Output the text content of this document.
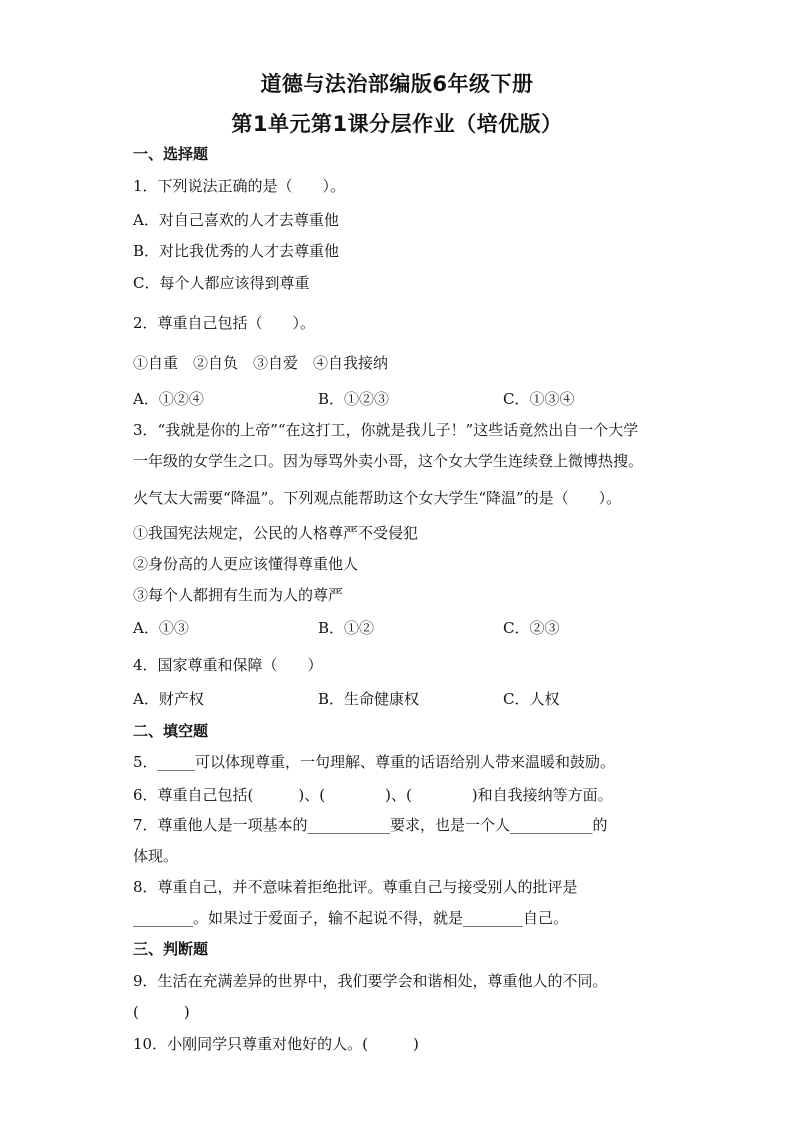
道德与法治部编版6年级下册
第1单元第1课分层作业（培优版）
一、选择题
1．下列说法正确的是（　　）。
A．对自己喜欢的人才去尊重他
B．对比我优秀的人才去尊重他
C．每个人都应该得到尊重
2．尊重自己包括（　　）。
①自重　②自负　③自爱　④自我接纳
A．①②④	B．①②③	C．①③④
3．“我就是你的上帝”“在这打工，你就是我儿子！”这些话竟然出自一个大学
一年级的女学生之口。因为辱骂外卖小哥，这个女大学生连续登上微博热搜。
火气太大需要“降温”。下列观点能帮助这个女大学生“降温”的是（　　）。
①我国宪法规定，公民的人格尊严不受侵犯
②身份高的人更应该懂得尊重他人
③每个人都拥有生而为人的尊严
A．①③	B．①②	C．②③
4．国家尊重和保障（　　）
A．财产权	B．生命健康权	C．人权
二、填空题
5．_____可以体现尊重，一句理解、尊重的话语给别人带来温暖和鼓励。
6．尊重自己包括(　　　)、(　　　　)、(　　　　)和自我接纳等方面。
7．尊重他人是一项基本的___________要求，也是一个人___________的
体现。
8．尊重自己，并不意味着拒绝批评。尊重自己与接受别人的批评是
________。如果过于爱面子，输不起说不得，就是________自己。
三、判断题
9．生活在充满差异的世界中，我们要学会和谐相处，尊重他人的不同。
(　　　)
10．小刚同学只尊重对他好的人。(　　　)
